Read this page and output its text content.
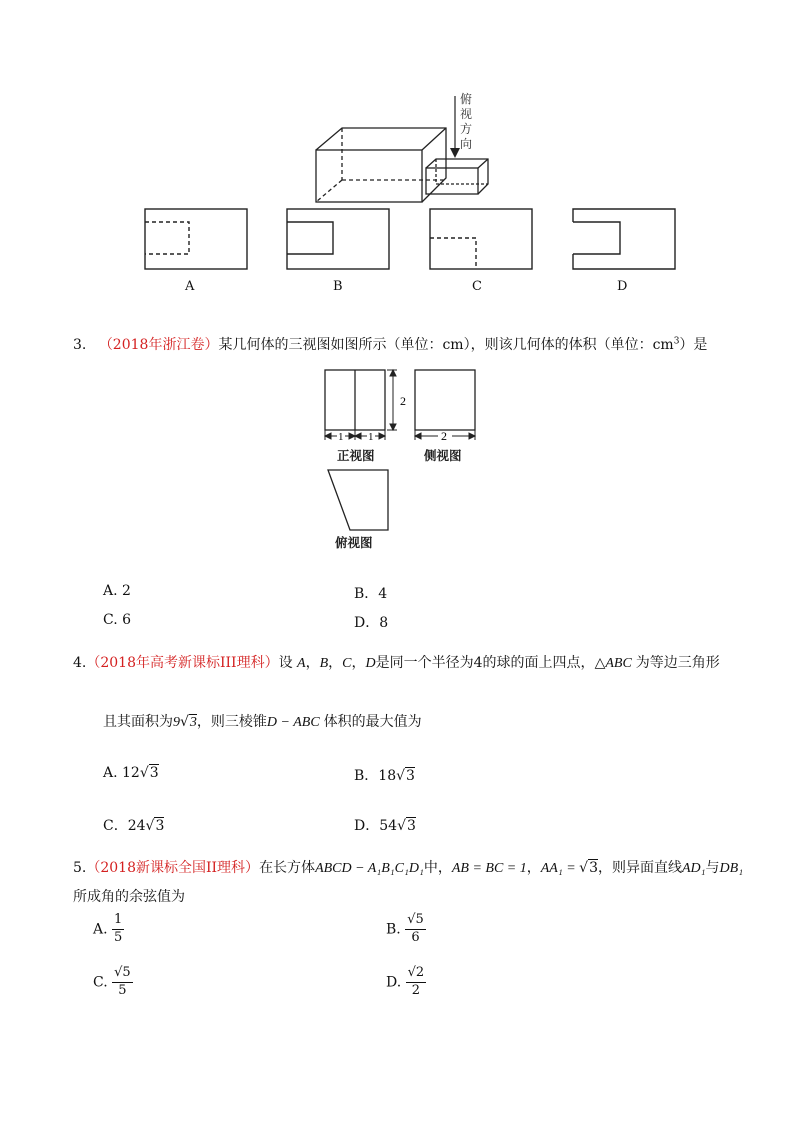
俯
视
方
向
A	B	C	D
3. （2018年浙江卷）某几何体的三视图如图所示（单位：cm），则该几何体的体积（单位：$cm^3$）是
2
1 1	2
正视图	侧视图
俯视图
A. 2	B．4
C. 6	D．8
4.（2018年高考新课标III理科）设 A，B，C，D是同一个半径为4的球的面上四点，△ABC 为等边三角形
且其面积为9√3，则三棱锥D − ABC 体积的最大值为
A. 12√3	B．18√3
C．24√3	D．54√3
5.（2018新课标全国II理科）在长方体ABCD − A₁B₁C₁D₁中，AB = BC = 1，AA₁ = √3，则异面直线AD₁与DB₁
所成角的余弦值为
A. $\frac{1}{5}$	B. $\frac{√5}{6}$
C. $\frac{√5}{5}$	D. $\frac{√2}{2}$
